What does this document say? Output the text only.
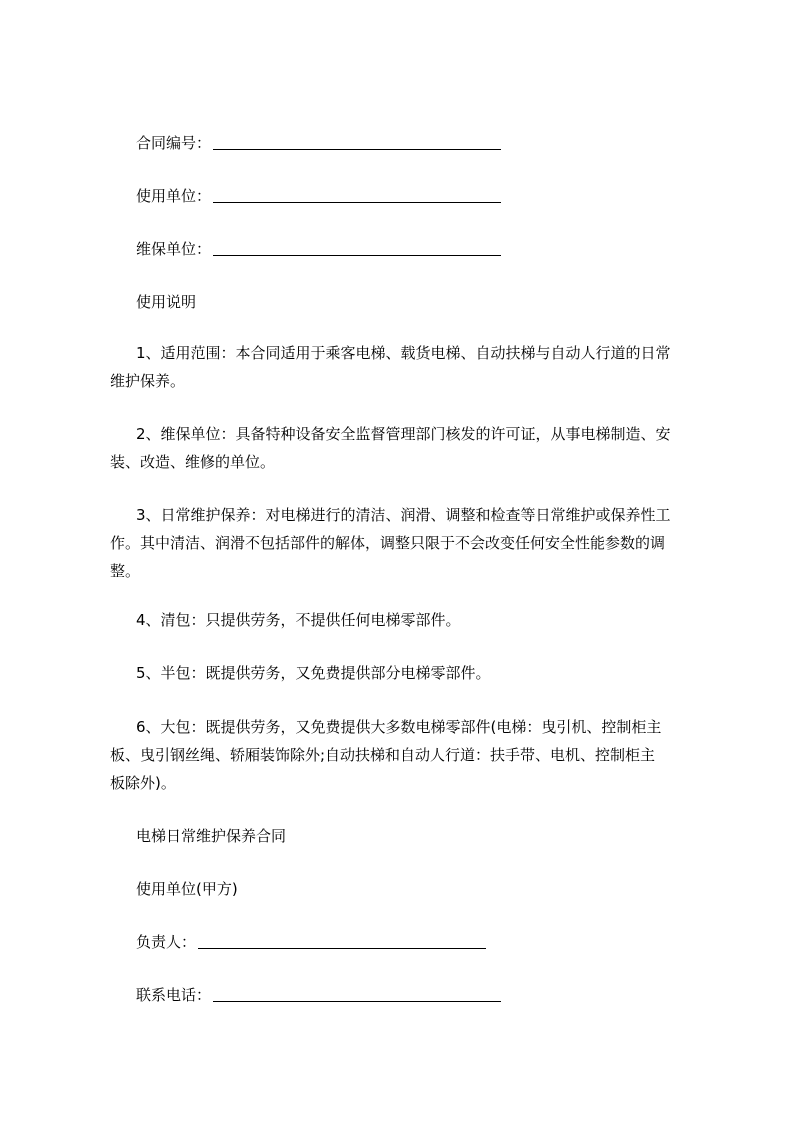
合同编号：
使用单位：
维保单位：
使用说明
1、适用范围：本合同适用于乘客电梯、载货电梯、自动扶梯与自动人行道的日常
维护保养。
2、维保单位：具备特种设备安全监督管理部门核发的许可证，从事电梯制造、安
装、改造、维修的单位。
3、日常维护保养：对电梯进行的清洁、润滑、调整和检查等日常维护或保养性工
作。其中清洁、润滑不包括部件的解体，调整只限于不会改变任何安全性能参数的调
整。
4、清包：只提供劳务，不提供任何电梯零部件。
5、半包：既提供劳务，又免费提供部分电梯零部件。
6、大包：既提供劳务，又免费提供大多数电梯零部件(电梯：曳引机、控制柜主
板、曳引钢丝绳、轿厢装饰除外;自动扶梯和自动人行道：扶手带、电机、控制柜主
板除外)。
电梯日常维护保养合同
使用单位(甲方)
负责人：
联系电话：
